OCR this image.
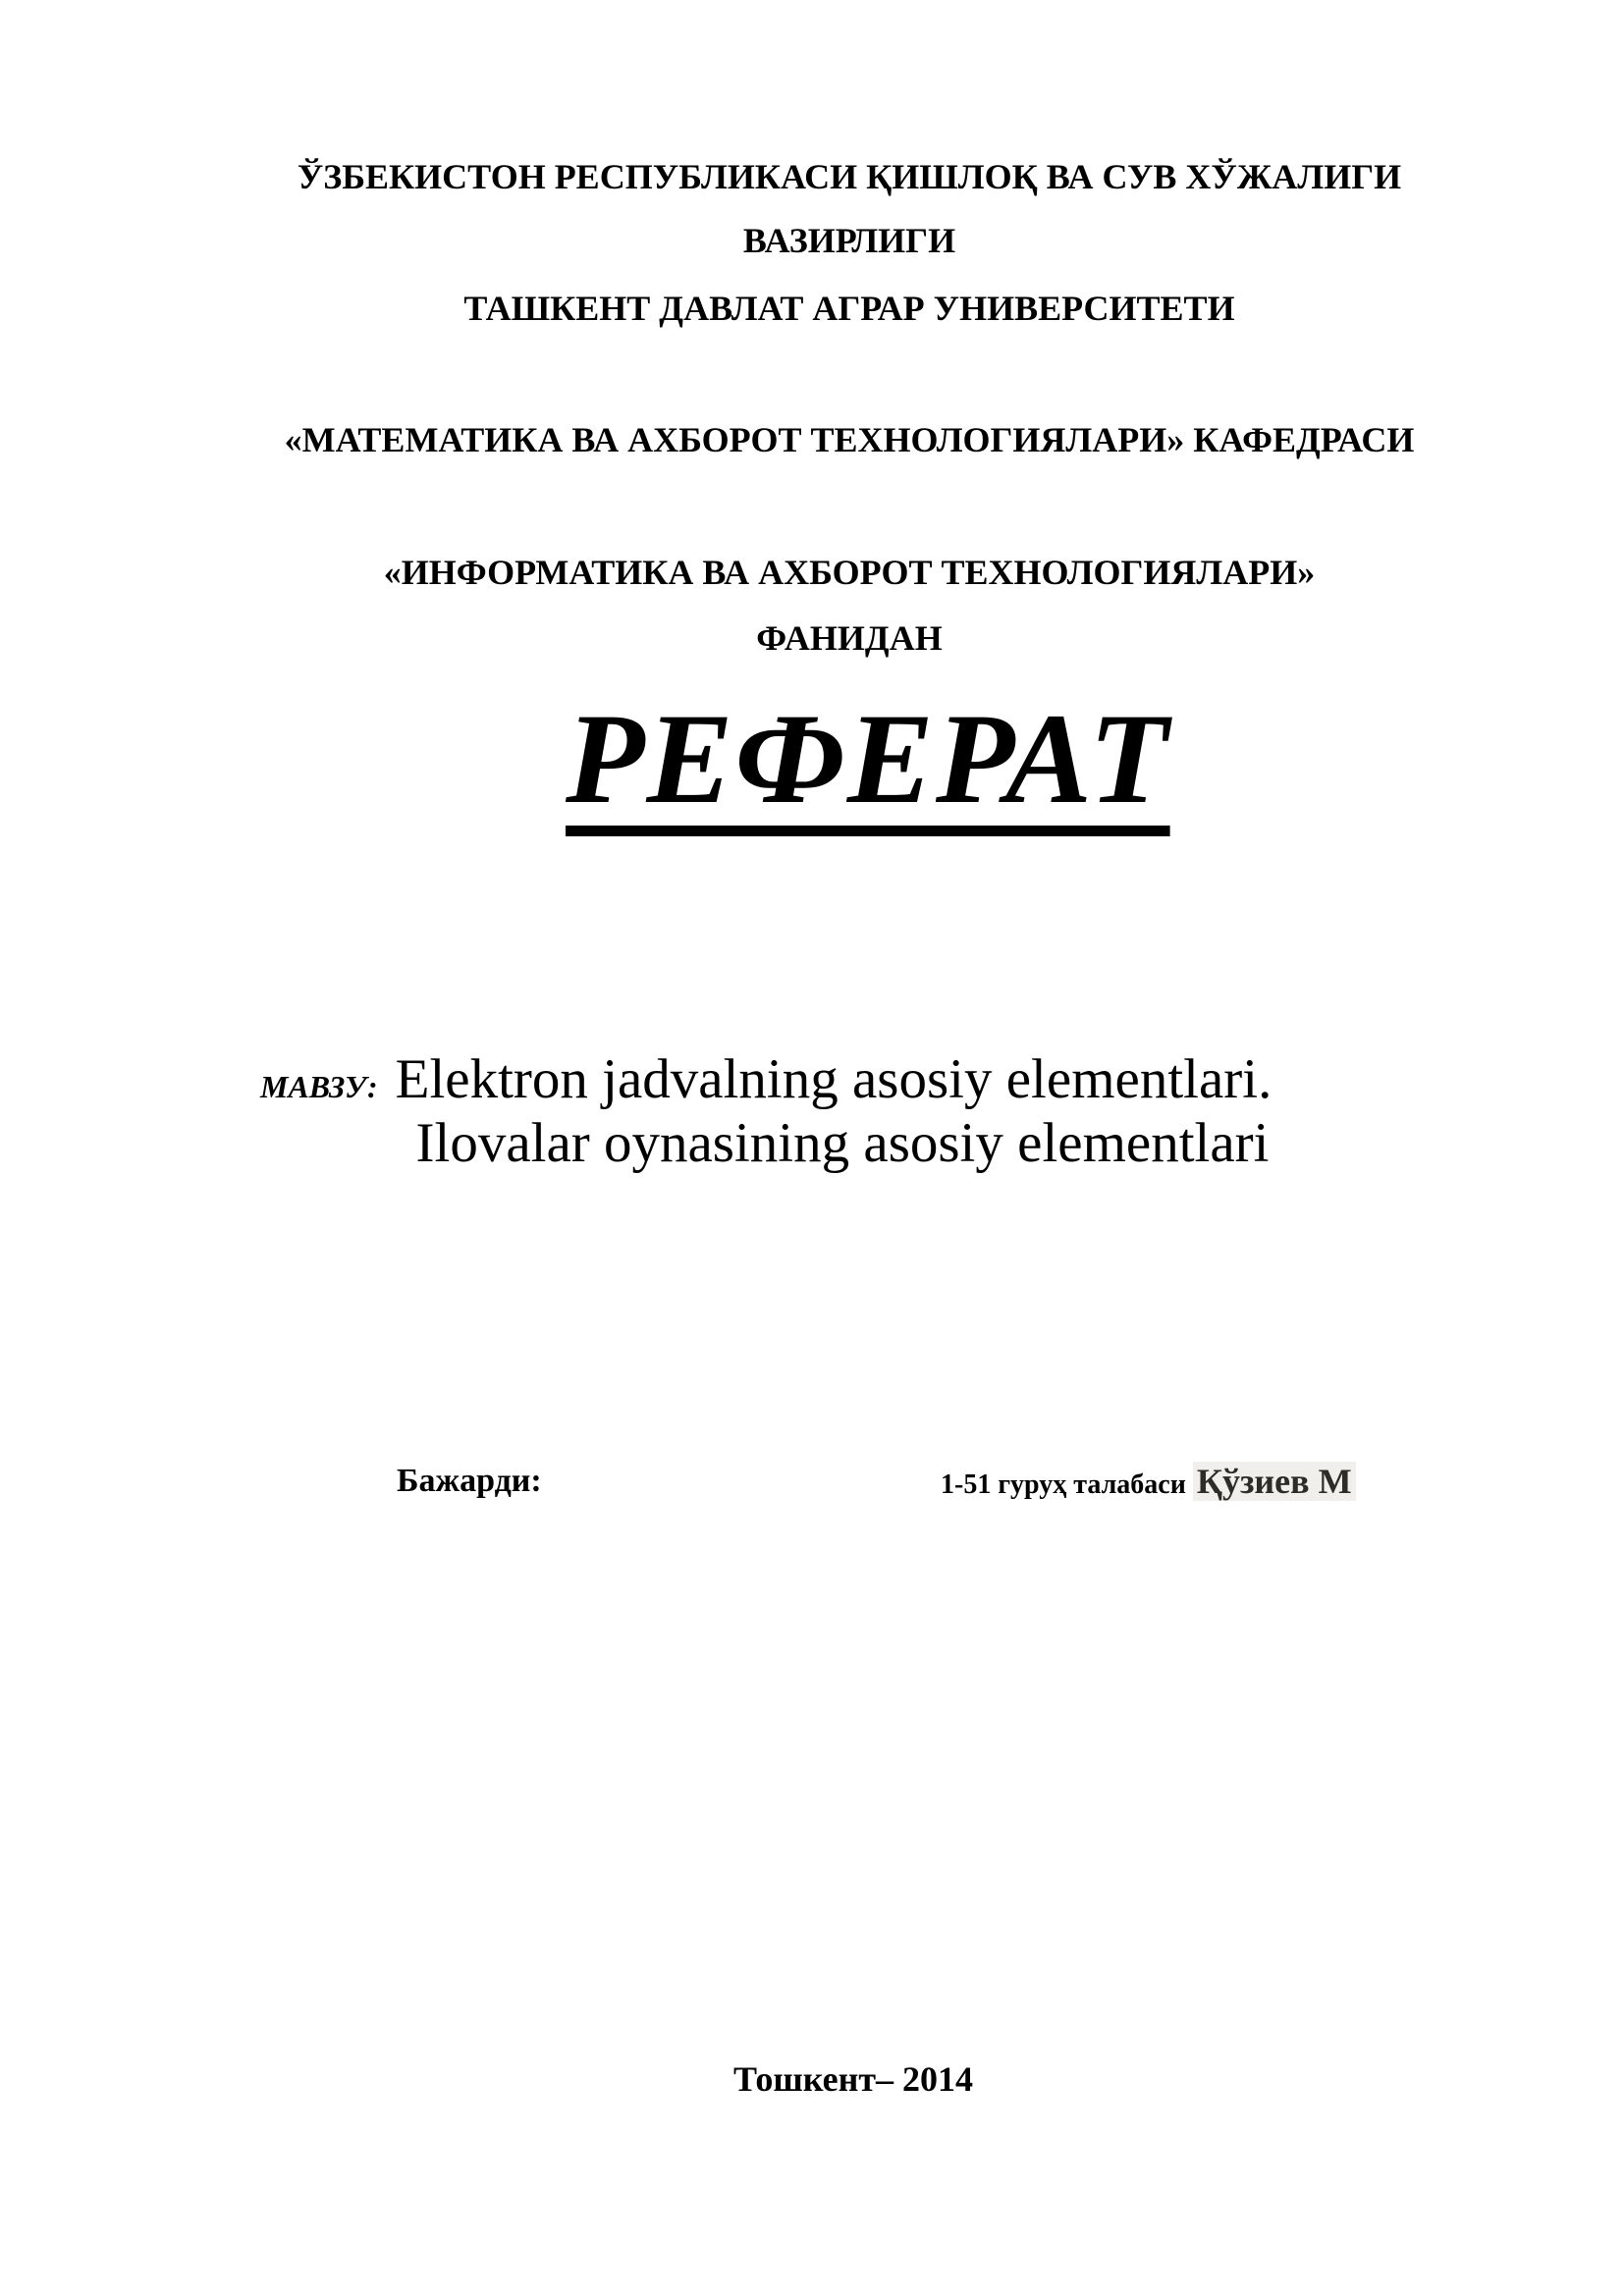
ЎЗБЕКИСТОН РЕСПУБЛИКАСИ ҚИШЛОҚ ВА СУВ ХЎЖАЛИГИ
ВАЗИРЛИГИ
ТАШКЕНТ ДАВЛАТ АГРАР УНИВЕРСИТЕТИ
«МАТЕМАТИКА ВА АХБОРОТ ТЕХНОЛОГИЯЛАРИ» КАФЕДРАСИ
«ИНФОРМАТИКА ВА АХБОРОТ ТЕХНОЛОГИЯЛАРИ»
ФАНИДАН
РЕФЕРАТ
МАВЗУ: Elektron jadvalning asosiy elementlari.
Ilovalar oynasining asosiy elementlari
Бажарди:	1-51 гуруҳ талабаси Қўзиев М
Тошкент– 2014
